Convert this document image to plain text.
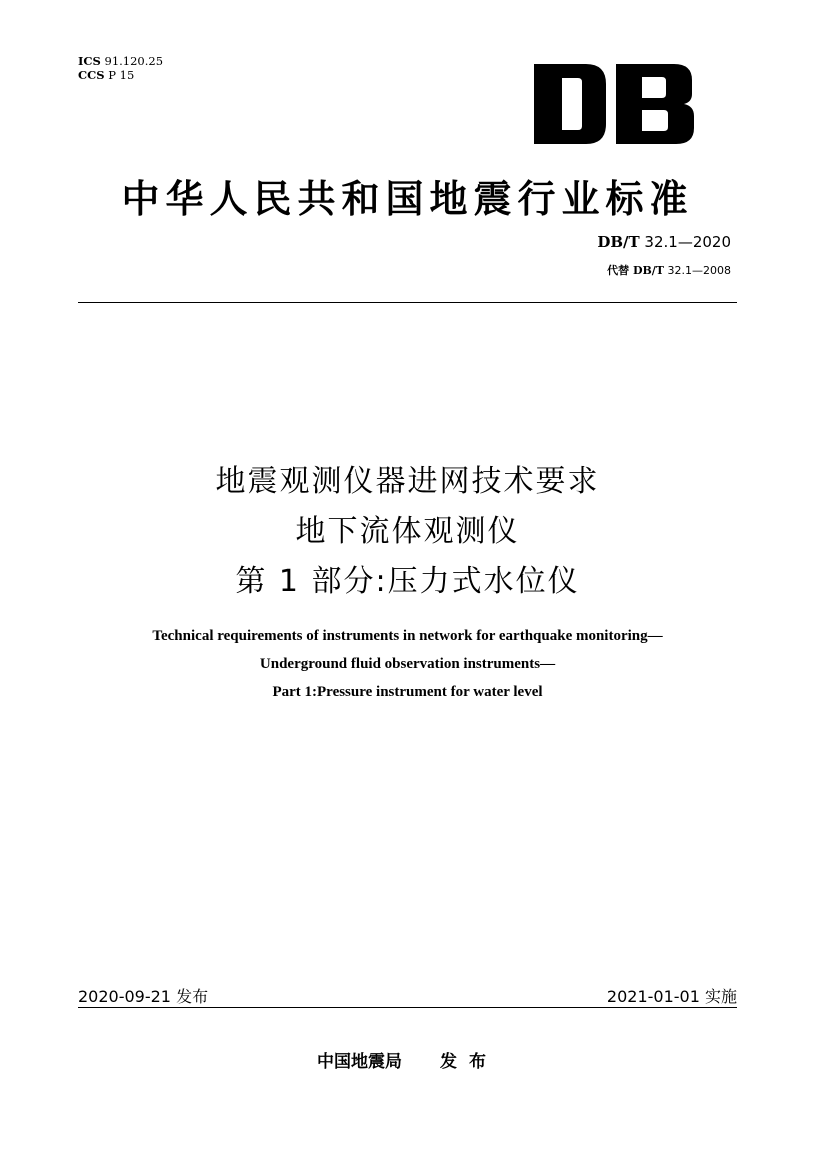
ICS 91.120.25
CCS P 15
中华人民共和国地震行业标准
DB/T 32.1—2020
代替 DB/T 32.1—2008
地震观测仪器进网技术要求
地下流体观测仪
第 1 部分:压力式水位仪
Technical requirements of instruments in network for earthquake monitoring—
Underground fluid observation instruments—
Part 1:Pressure instrument for water level
2020-09-21 发布	2021-01-01 实施
中国地震局 发布
